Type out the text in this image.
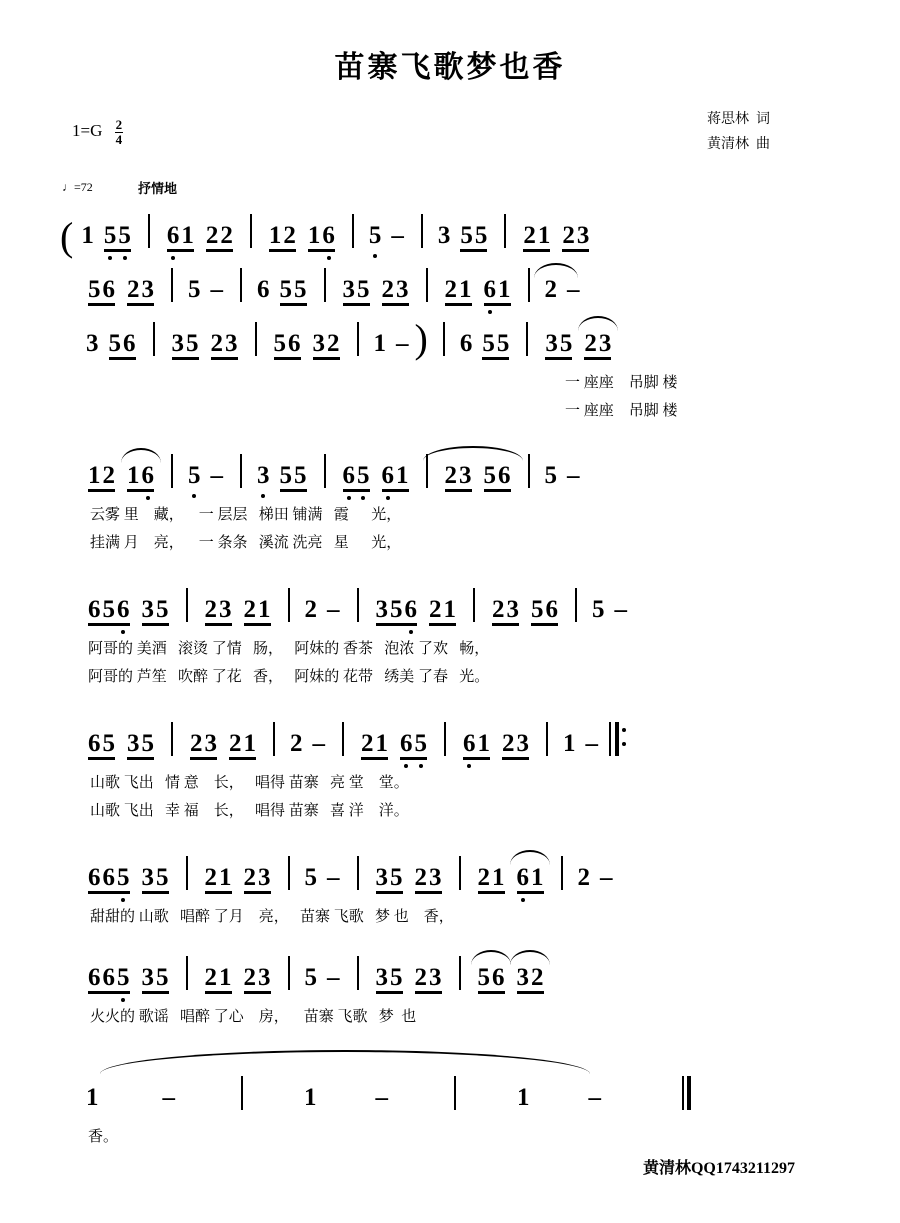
苗寨飞歌梦也香
$1=G \frac{2}{4}$	蒋思林 词
黄清林 曲
♩=72	抒情地
( 1 5 5 6 1 2 2 1 2 1 6 5 – 3 5 5 2 1 2 3
5 6 2 3 5 – 6 5 5 3 5 2 3 2 1 6 1 2 –
3 5 6 3 5 2 3 5 6 3 2 1 – ) 6 5 5 3 5 2 3
一 座座    吊脚 楼
一 座座    吊脚 楼
1 2 1 6 5 – 3 5 5 6 5 6 1 2 3 5 6 5 –
云雾 里    藏，    一 层层   梯田 铺满   霞      光，
挂满 月    亮，    一 条条   溪流 洗亮   星      光，
6 5 6 3 5 2 3 2 1 2 – 3 5 6 2 1 2 3 5 6 5 –
阿哥的 美酒   滚烫 了情   肠，   阿妹的 香茶   泡浓 了欢   畅，
阿哥的 芦笙   吹醉 了花   香，   阿妹的 花带   绣美 了春   光。
6 5 3 5 2 3 2 1 2 – 2 1 6 5 6 1 2 3 1 –
山歌 飞出   情 意    长，   唱得 苗寨   亮 堂    堂。
山歌 飞出   幸 福    长，   唱得 苗寨   喜 洋    洋。
6 6 5 3 5 2 1 2 3 5 – 3 5 2 3 2 1 6 1 2 –
甜甜的 山歌   唱醉 了月    亮，   苗寨 飞歌   梦 也    香，
6 6 5 3 5 2 1 2 3 5 – 3 5 2 3 5 6 3 2
火火的 歌谣   唱醉 了心    房，    苗寨 飞歌   梦  也
1	–	1 –	1 –
香。
黄清林QQ1743211297
